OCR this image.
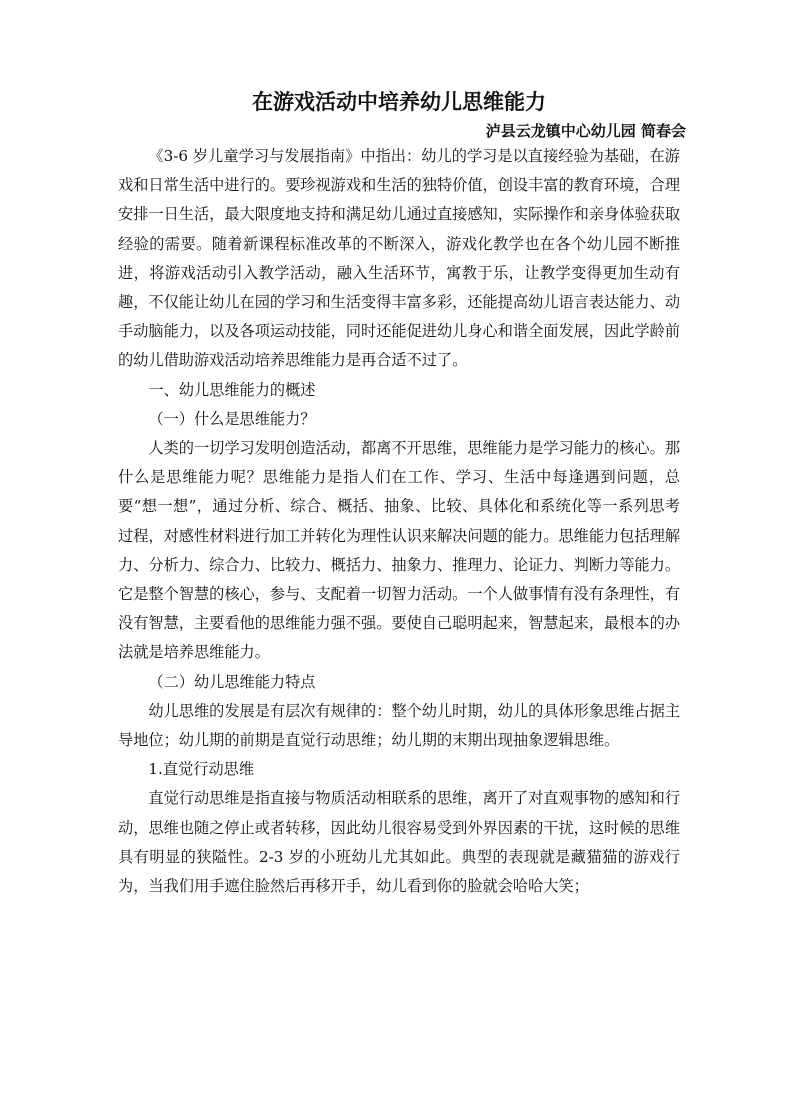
在游戏活动中培养幼儿思维能力
泸县云龙镇中心幼儿园 简春会

《3-6 岁儿童学习与发展指南》中指出：幼儿的学习是以直接经验为基础，在游戏和日常生活中进行的。要珍视游戏和生活的独特价值，创设丰富的教育环境，合理安排一日生活，最大限度地支持和满足幼儿通过直接感知，实际操作和亲身体验获取经验的需要。随着新课程标准改革的不断深入，游戏化教学也在各个幼儿园不断推进，将游戏活动引入教学活动，融入生活环节，寓教于乐，让教学变得更加生动有趣，不仅能让幼儿在园的学习和生活变得丰富多彩，还能提高幼儿语言表达能力、动手动脑能力，以及各项运动技能，同时还能促进幼儿身心和谐全面发展，因此学龄前的幼儿借助游戏活动培养思维能力是再合适不过了。

一、幼儿思维能力的概述

（一）什么是思维能力？

人类的一切学习发明创造活动，都离不开思维，思维能力是学习能力的核心。那什么是思维能力呢？思维能力是指人们在工作、学习、生活中每逢遇到问题，总要“想一想”，通过分析、综合、概括、抽象、比较、具体化和系统化等一系列思考过程，对感性材料进行加工并转化为理性认识来解决问题的能力。思维能力包括理解力、分析力、综合力、比较力、概括力、抽象力、推理力、论证力、判断力等能力。它是整个智慧的核心，参与、支配着一切智力活动。一个人做事情有没有条理性，有没有智慧，主要看他的思维能力强不强。要使自己聪明起来，智慧起来，最根本的办法就是培养思维能力。

（二）幼儿思维能力特点

幼儿思维的发展是有层次有规律的：整个幼儿时期，幼儿的具体形象思维占据主导地位；幼儿期的前期是直觉行动思维；幼儿期的末期出现抽象逻辑思维。

1.直觉行动思维

直觉行动思维是指直接与物质活动相联系的思维，离开了对直观事物的感知和行动，思维也随之停止或者转移，因此幼儿很容易受到外界因素的干扰，这时候的思维具有明显的狭隘性。2-3 岁的小班幼儿尤其如此。典型的表现就是藏猫猫的游戏行为，当我们用手遮住脸然后再移开手，幼儿看到你的脸就会哈哈大笑；
